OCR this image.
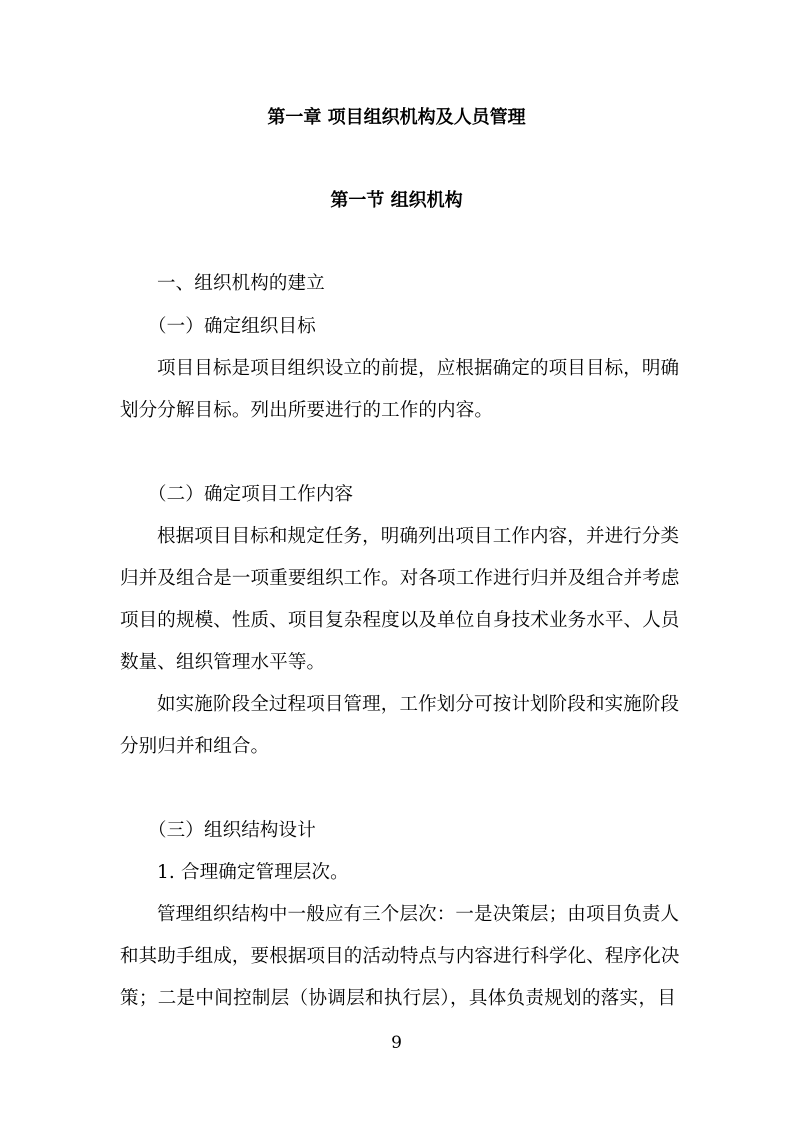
第一章 项目组织机构及人员管理
第一节 组织机构
一、组织机构的建立
（一）确定组织目标
项目目标是项目组织设立的前提，应根据确定的项目目标，明确
划分分解目标。列出所要进行的工作的内容。
（二）确定项目工作内容
根据项目目标和规定任务，明确列出项目工作内容，并进行分类
归并及组合是一项重要组织工作。对各项工作进行归并及组合并考虑
项目的规模、性质、项目复杂程度以及单位自身技术业务水平、人员
数量、组织管理水平等。
如实施阶段全过程项目管理，工作划分可按计划阶段和实施阶段
分别归并和组合。
（三）组织结构设计
1. 合理确定管理层次。
管理组织结构中一般应有三个层次：一是决策层；由项目负责人
和其助手组成，要根据项目的活动特点与内容进行科学化、程序化决
策；二是中间控制层（协调层和执行层），具体负责规划的落实，目
9
